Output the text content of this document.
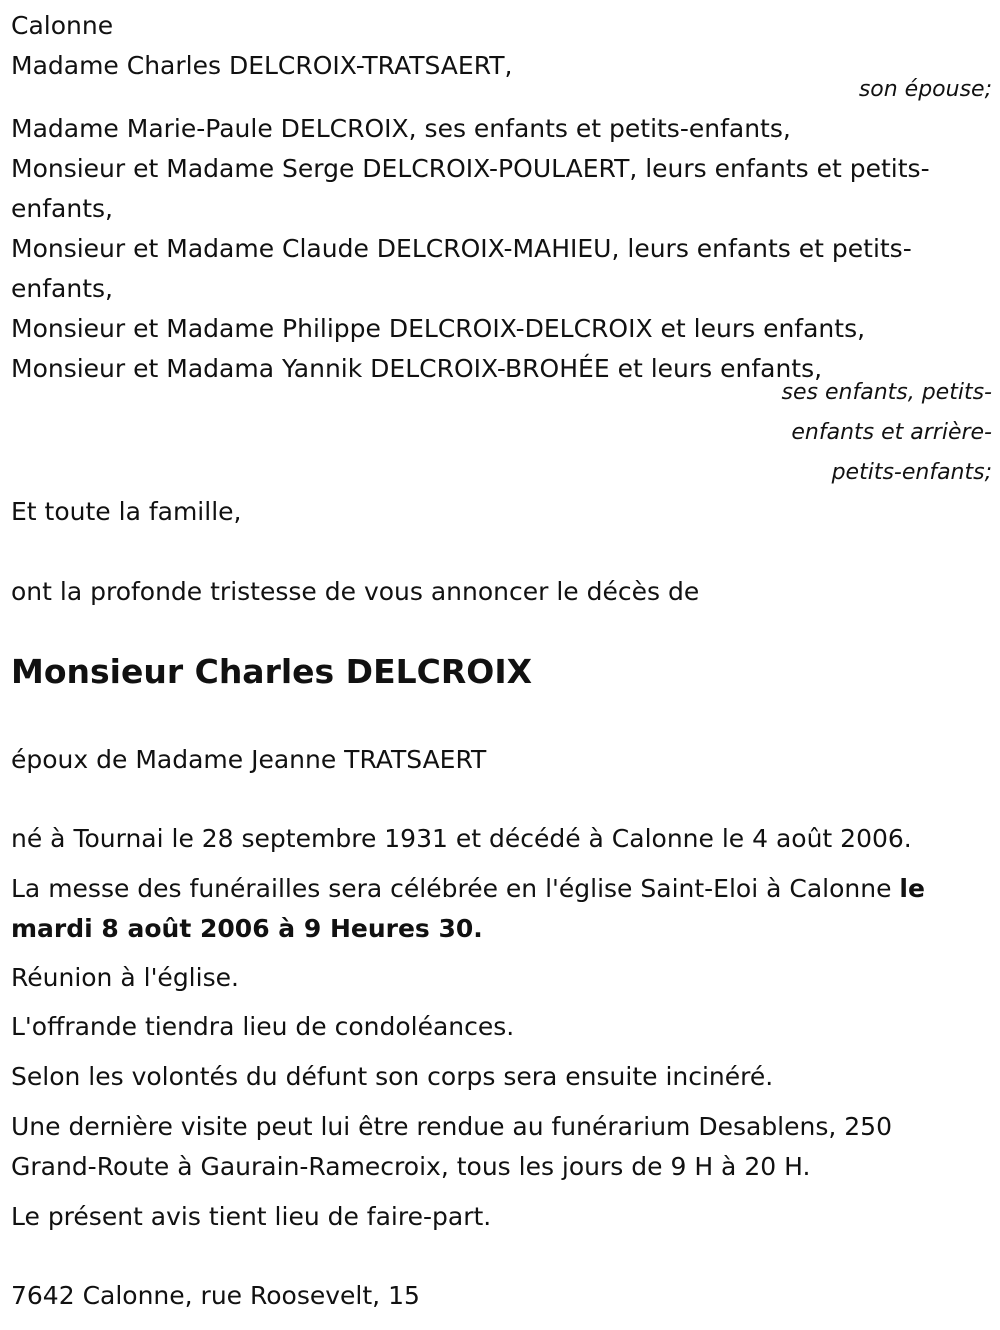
Calonne
Madame Charles DELCROIX-TRATSAERT,
son épouse;
Madame Marie-Paule DELCROIX, ses enfants et petits-enfants,
Monsieur et Madame Serge DELCROIX-POULAERT, leurs enfants et petits-
enfants,
Monsieur et Madame Claude DELCROIX-MAHIEU, leurs enfants et petits-
enfants,
Monsieur et Madame Philippe DELCROIX-DELCROIX et leurs enfants,
Monsieur et Madama Yannik DELCROIX-BROHÉE et leurs enfants,
ses enfants, petits-
enfants et arrière-
petits-enfants;
Et toute la famille,
ont la profonde tristesse de vous annoncer le décès de
Monsieur Charles DELCROIX
époux de Madame Jeanne TRATSAERT
né à Tournai le 28 septembre 1931 et décédé à Calonne le 4 août 2006.
La messe des funérailles sera célébrée en l'église Saint-Eloi à Calonne le
mardi 8 août 2006 à 9 Heures 30.
Réunion à l'église.
L'offrande tiendra lieu de condoléances.
Selon les volontés du défunt son corps sera ensuite incinéré.
Une dernière visite peut lui être rendue au funérarium Desablens, 250
Grand-Route à Gaurain-Ramecroix, tous les jours de 9 H à 20 H.
Le présent avis tient lieu de faire-part.
7642 Calonne, rue Roosevelt, 15
